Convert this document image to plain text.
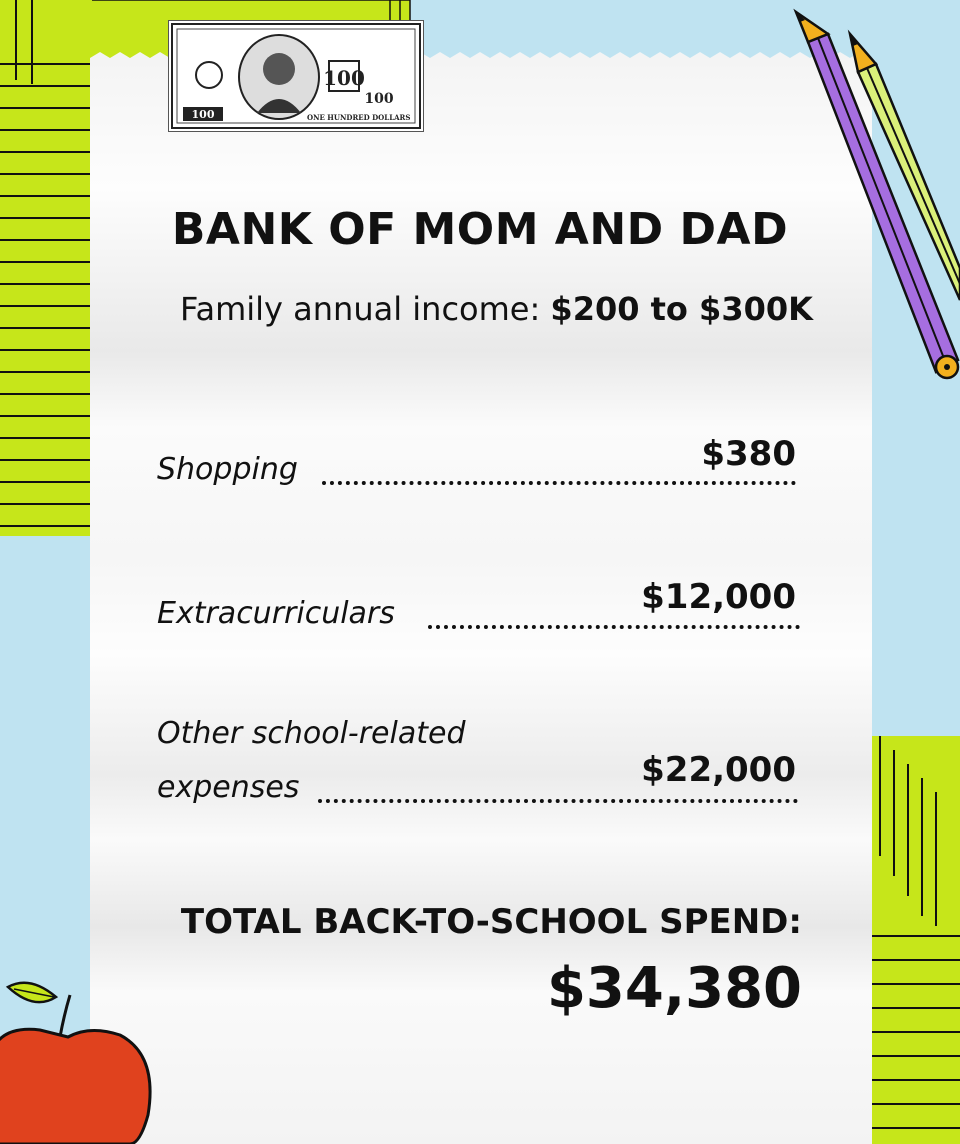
100
100
100
ONE HUNDRED DOLLARS
BANK OF MOM AND DAD
Family annual income: $200 to $300K
Shopping	$380
Extracurriculars	$12,000
Other school-related
expenses	$22,000
TOTAL BACK-TO-SCHOOL SPEND:
$34,380
